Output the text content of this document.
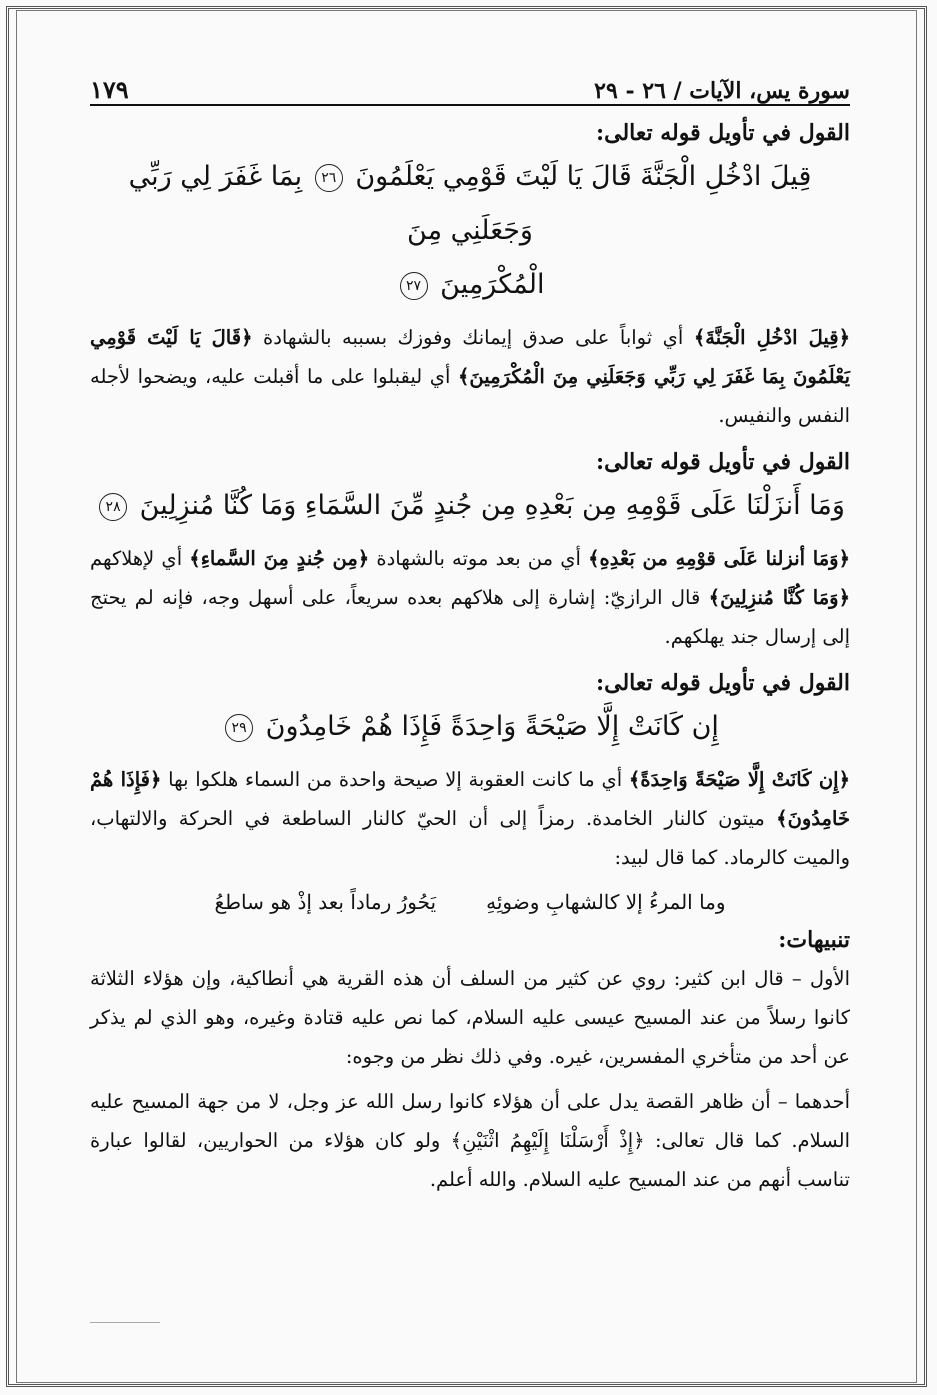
سورة يس، الآيات / ٢٦ - ٢٩
١٧٩
القول في تأويل قوله تعالى:

قِيلَ ادْخُلِ الْجَنَّةَ قَالَ يَا لَيْتَ قَوْمِي يَعْلَمُونَ ٢٦ بِمَا غَفَرَ لِي رَبِّي وَجَعَلَنِي مِنَ
الْمُكْرَمِينَ ٢٧

﴿قِيلَ ادْخُلِ الْجَنَّةَ﴾ أي ثواباً على صدق إيمانك وفوزك بسببه بالشهادة ﴿قَالَ يَا لَيْتَ قَوْمِي يَعْلَمُونَ بِمَا غَفَرَ لِي رَبِّي وَجَعَلَنِي مِنَ الْمُكْرَمِينَ﴾ أي ليقبلوا على ما أقبلت عليه، ويضحوا لأجله النفس والنفيس.

القول في تأويل قوله تعالى:

وَمَا أَنزَلْنَا عَلَى قَوْمِهِ مِن بَعْدِهِ مِن جُندٍ مِّنَ السَّمَاءِ وَمَا كُنَّا مُنزِلِينَ ٢٨

﴿وَمَا أنزلنا عَلَى قوْمِهِ من بَعْدِهِ﴾ أي من بعد موته بالشهادة ﴿مِن جُندٍ مِنَ السَّماءِ﴾ أي لإهلاكهم ﴿وَمَا كُنَّا مُنزِلِينَ﴾ قال الرازيّ: إشارة إلى هلاكهم بعده سريعاً، على أسهل وجه، فإنه لم يحتج إلى إرسال جند يهلكهم.

القول في تأويل قوله تعالى:

إِن كَانَتْ إِلَّا صَيْحَةً وَاحِدَةً فَإِذَا هُمْ خَامِدُونَ ٢٩

﴿إِن كَانَتْ إِلَّا صَيْحَةً وَاحِدَةً﴾ أي ما كانت العقوبة إلا صيحة واحدة من السماء هلكوا بها ﴿فَإِذَا هُمْ خَامِدُونَ﴾ ميتون كالنار الخامدة. رمزاً إلى أن الحيّ كالنار الساطعة في الحركة والالتهاب، والميت كالرماد. كما قال لبيد:

وما المرءُ إلا كالشهابِ وضوئِهِ
يَحُورُ رماداً بعد إذْ هو ساطعُ
تنبيهات:

الأول – قال ابن كثير: روي عن كثير من السلف أن هذه القرية هي أنطاكية، وإن هؤلاء الثلاثة كانوا رسلاً من عند المسيح عيسى عليه السلام، كما نص عليه قتادة وغيره، وهو الذي لم يذكر عن أحد من متأخري المفسرين، غيره. وفي ذلك نظر من وجوه:

أحدهما – أن ظاهر القصة يدل على أن هؤلاء كانوا رسل الله عز وجل، لا من جهة المسيح عليه السلام. كما قال تعالى: ﴿إِذْ أَرْسَلْنَا إِلَيْهِمُ اثْنَيْنِ﴾ ولو كان هؤلاء من الحواريين، لقالوا عبارة تناسب أنهم من عند المسيح عليه السلام. والله أعلم.
